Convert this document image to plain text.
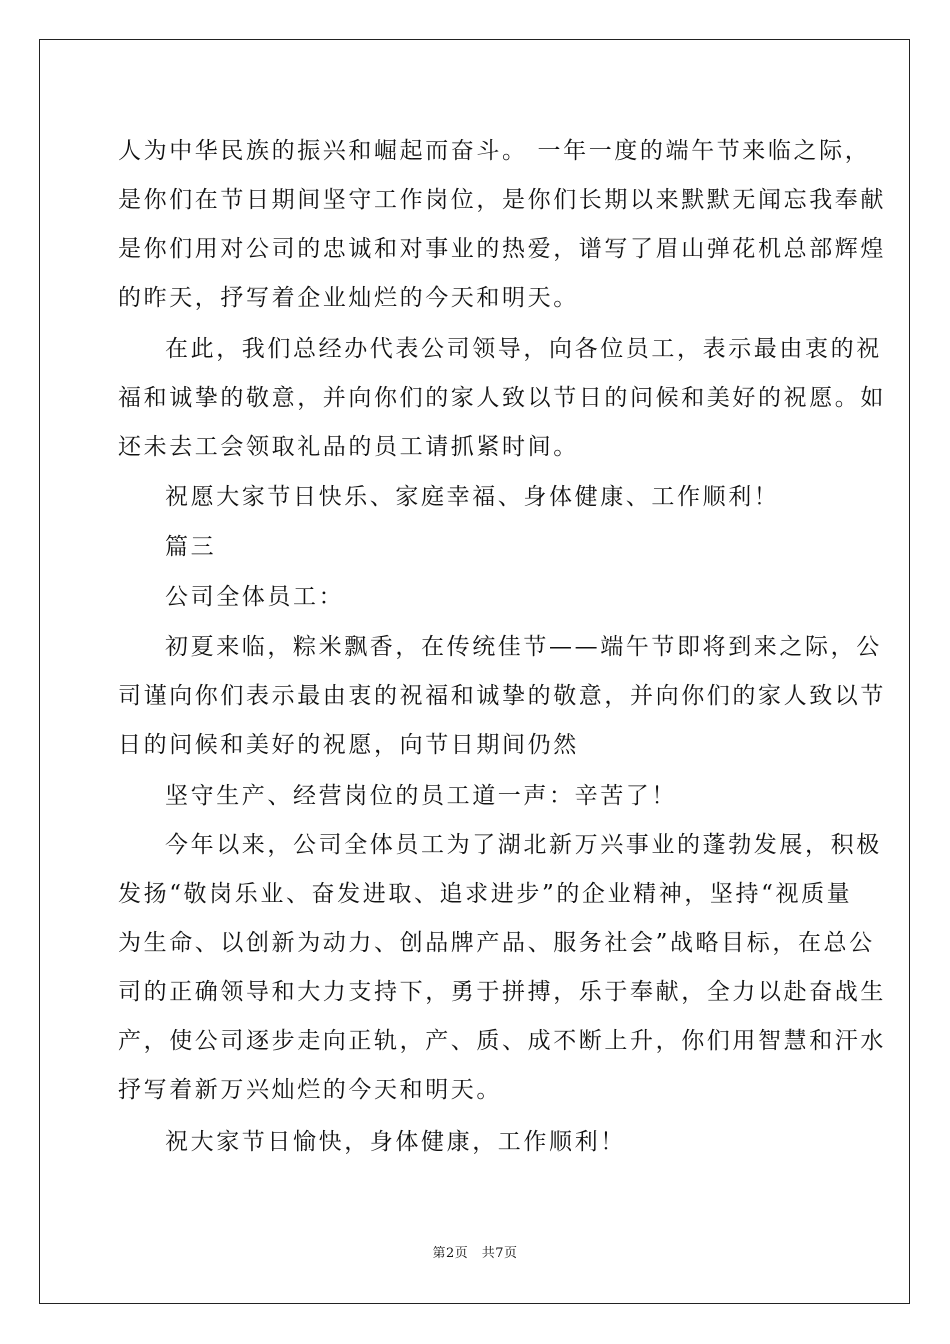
人为中华民族的振兴和崛起而奋斗。 一年一度的端午节来临之际，
是你们在节日期间坚守工作岗位，是你们长期以来默默无闻忘我奉献
是你们用对公司的忠诚和对事业的热爱，谱写了眉山弹花机总部辉煌
的昨天，抒写着企业灿烂的今天和明天。
在此，我们总经办代表公司领导，向各位员工，表示最由衷的祝
福和诚挚的敬意，并向你们的家人致以节日的问候和美好的祝愿。如
还未去工会领取礼品的员工请抓紧时间。
祝愿大家节日快乐、家庭幸福、身体健康、工作顺利！
篇三
公司全体员工：
初夏来临，粽米飘香，在传统佳节——端午节即将到来之际，公
司谨向你们表示最由衷的祝福和诚挚的敬意，并向你们的家人致以节
日的问候和美好的祝愿，向节日期间仍然
坚守生产、经营岗位的员工道一声：辛苦了！
今年以来，公司全体员工为了湖北新万兴事业的蓬勃发展，积极
发扬“敬岗乐业、奋发进取、追求进步”的企业精神，坚持“视质量
为生命、以创新为动力、创品牌产品、服务社会”战略目标，在总公
司的正确领导和大力支持下，勇于拼搏，乐于奉献，全力以赴奋战生
产，使公司逐步走向正轨，产、质、成不断上升，你们用智慧和汗水
抒写着新万兴灿烂的今天和明天。
祝大家节日愉快，身体健康，工作顺利！
第2页　共7页
